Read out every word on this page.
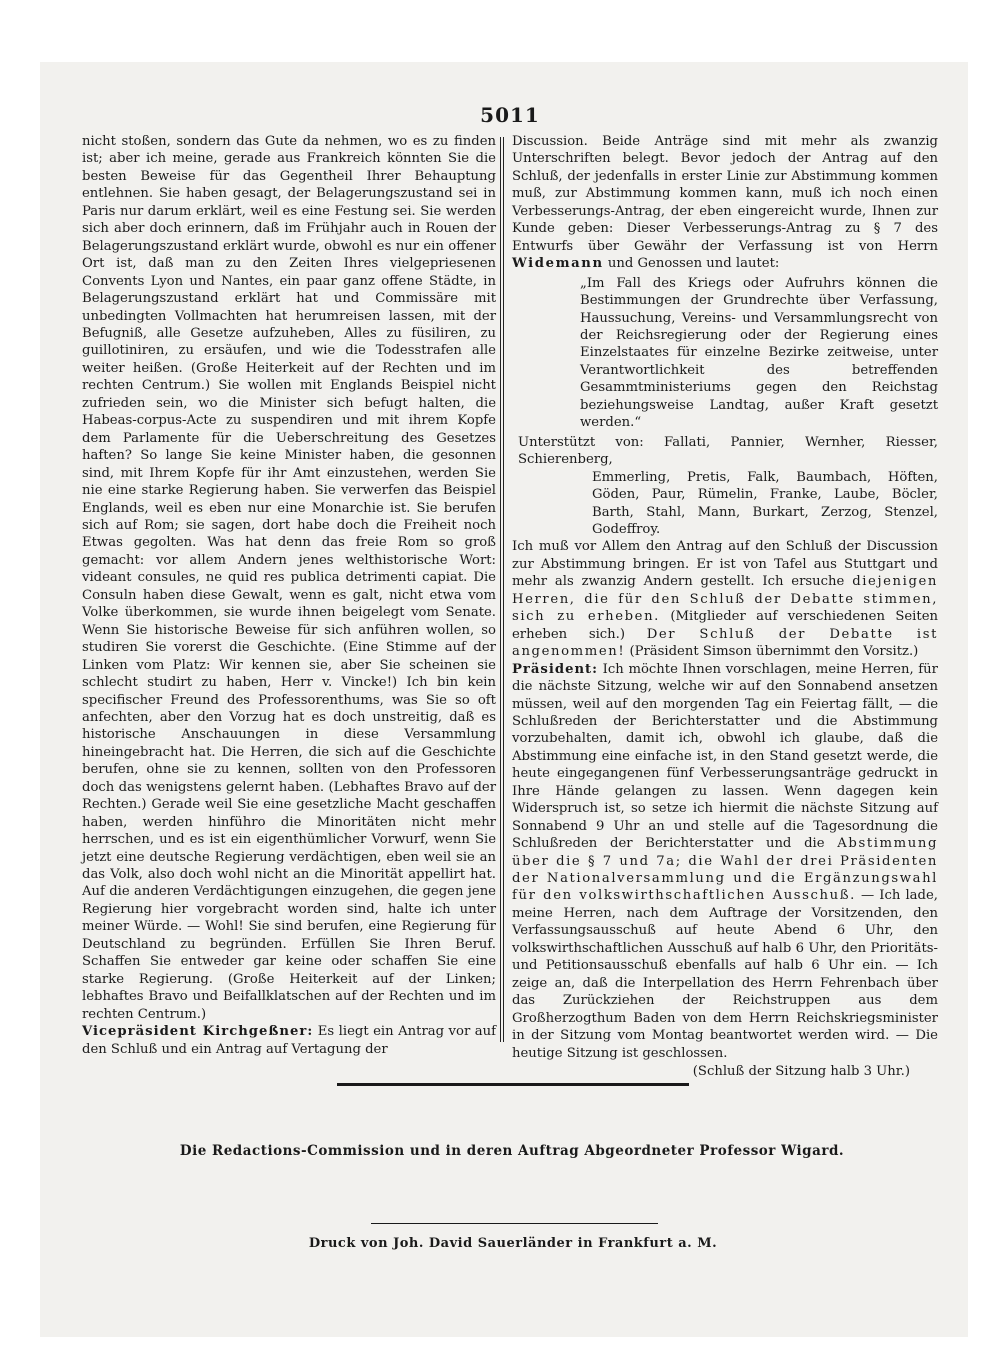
5011

nicht stoßen, sondern das Gute da nehmen, wo es zu finden ist; aber ich meine, gerade aus Frankreich könnten Sie die besten Beweise für das Gegentheil Ihrer Behauptung entlehnen. Sie haben gesagt, der Belagerungszustand sei in Paris nur darum erklärt, weil es eine Festung sei. Sie werden sich aber doch erinnern, daß im Frühjahr auch in Rouen der Belagerungszustand erklärt wurde, obwohl es nur ein offener Ort ist, daß man zu den Zeiten Ihres vielgepriesenen Convents Lyon und Nantes, ein paar ganz offene Städte, in Belagerungszustand erklärt hat und Commissäre mit unbedingten Vollmachten hat herumreisen lassen, mit der Befugniß, alle Gesetze aufzuheben, Alles zu füsiliren, zu guillotiniren, zu ersäufen, und wie die Todesstrafen alle weiter heißen. (Große Heiterkeit auf der Rechten und im rechten Centrum.) Sie wollen mit Englands Beispiel nicht zufrieden sein, wo die Minister sich befugt halten, die Habeas-corpus-Acte zu suspendiren und mit ihrem Kopfe dem Parlamente für die Ueberschreitung des Gesetzes haften? So lange Sie keine Minister haben, die gesonnen sind, mit Ihrem Kopfe für ihr Amt einzustehen, werden Sie nie eine starke Regierung haben. Sie verwerfen das Beispiel Englands, weil es eben nur eine Monarchie ist. Sie berufen sich auf Rom; sie sagen, dort habe doch die Freiheit noch Etwas gegolten. Was hat denn das freie Rom so groß gemacht: vor allem Andern jenes welthistorische Wort: videant consules, ne quid res publica detrimenti capiat. Die Consuln haben diese Gewalt, wenn es galt, nicht etwa vom Volke überkommen, sie wurde ihnen beigelegt vom Senate. Wenn Sie historische Beweise für sich anführen wollen, so studiren Sie vorerst die Geschichte. (Eine Stimme auf der Linken vom Platz: Wir kennen sie, aber Sie scheinen sie schlecht studirt zu haben, Herr v. Vincke!) Ich bin kein specifischer Freund des Professorenthums, was Sie so oft anfechten, aber den Vorzug hat es doch unstreitig, daß es historische Anschauungen in diese Versammlung hineingebracht hat. Die Herren, die sich auf die Geschichte berufen, ohne sie zu kennen, sollten von den Professoren doch das wenigstens gelernt haben. (Lebhaftes Bravo auf der Rechten.) Gerade weil Sie eine gesetzliche Macht geschaffen haben, werden hinführo die Minoritäten nicht mehr herrschen, und es ist ein eigenthümlicher Vorwurf, wenn Sie jetzt eine deutsche Regierung verdächtigen, eben weil sie an das Volk, also doch wohl nicht an die Minorität appellirt hat. Auf die anderen Verdächtigungen einzugehen, die gegen jene Regierung hier vorgebracht worden sind, halte ich unter meiner Würde. — Wohl! Sie sind berufen, eine Regierung für Deutschland zu begründen. Erfüllen Sie Ihren Beruf. Schaffen Sie entweder gar keine oder schaffen Sie eine starke Regierung. (Große Heiterkeit auf der Linken; lebhaftes Bravo und Beifallklatschen auf der Rechten und im rechten Centrum.)

Vicepräsident Kirchgeßner: Es liegt ein Antrag vor auf den Schluß und ein Antrag auf Vertagung der

Discussion. Beide Anträge sind mit mehr als zwanzig Unterschriften belegt. Bevor jedoch der Antrag auf den Schluß, der jedenfalls in erster Linie zur Abstimmung kommen muß, zur Abstimmung kommen kann, muß ich noch einen Verbesserungs-Antrag, der eben eingereicht wurde, Ihnen zur Kunde geben: Dieser Verbesserungs-Antrag zu § 7 des Entwurfs über Gewähr der Verfassung ist von Herrn Widemann und Genossen und lautet:

„Im Fall des Kriegs oder Aufruhrs können die Bestimmungen der Grundrechte über Verfassung, Haussuchung, Vereins- und Versammlungsrecht von der Reichsregierung oder der Regierung eines Einzelstaates für einzelne Bezirke zeitweise, unter Verantwortlichkeit des betreffenden Gesammtministeriums gegen den Reichstag beziehungsweise Landtag, außer Kraft gesetzt werden.“

Unterstützt von: Fallati, Pannier, Wernher, Riesser, Schierenberg,

Emmerling, Pretis, Falk, Baumbach, Höften, Göden, Paur, Rümelin, Franke, Laube, Böcler, Barth, Stahl, Mann, Burkart, Zerzog, Stenzel, Godeffroy.

Ich muß vor Allem den Antrag auf den Schluß der Discussion zur Abstimmung bringen. Er ist von Tafel aus Stuttgart und mehr als zwanzig Andern gestellt. Ich ersuche diejenigen Herren, die für den Schluß der Debatte stimmen, sich zu erheben. (Mitglieder auf verschiedenen Seiten erheben sich.) Der Schluß der Debatte ist angenommen! (Präsident Simson übernimmt den Vorsitz.)

Präsident: Ich möchte Ihnen vorschlagen, meine Herren, für die nächste Sitzung, welche wir auf den Sonnabend ansetzen müssen, weil auf den morgenden Tag ein Feiertag fällt, — die Schlußreden der Berichterstatter und die Abstimmung vorzubehalten, damit ich, obwohl ich glaube, daß die Abstimmung eine einfache ist, in den Stand gesetzt werde, die heute eingegangenen fünf Verbesserungsanträge gedruckt in Ihre Hände gelangen zu lassen. Wenn dagegen kein Widerspruch ist, so setze ich hiermit die nächste Sitzung auf Sonnabend 9 Uhr an und stelle auf die Tagesordnung die Schlußreden der Berichterstatter und die Abstimmung über die § 7 und 7a; die Wahl der drei Präsidenten der Nationalversammlung und die Ergänzungswahl für den volkswirthschaftlichen Ausschuß. — Ich lade, meine Herren, nach dem Auftrage der Vorsitzenden, den Verfassungsausschuß auf heute Abend 6 Uhr, den volkswirthschaftlichen Ausschuß auf halb 6 Uhr, den Prioritäts- und Petitionsausschuß ebenfalls auf halb 6 Uhr ein. — Ich zeige an, daß die Interpellation des Herrn Fehrenbach über das Zurückziehen der Reichstruppen aus dem Großherzogthum Baden von dem Herrn Reichskriegsminister in der Sitzung vom Montag beantwortet werden wird. — Die heutige Sitzung ist geschlossen.

(Schluß der Sitzung halb 3 Uhr.)

Die Redactions-Commission und in deren Auftrag Abgeordneter Professor Wigard.
Druck von Joh. David Sauerländer in Frankfurt a. M.
